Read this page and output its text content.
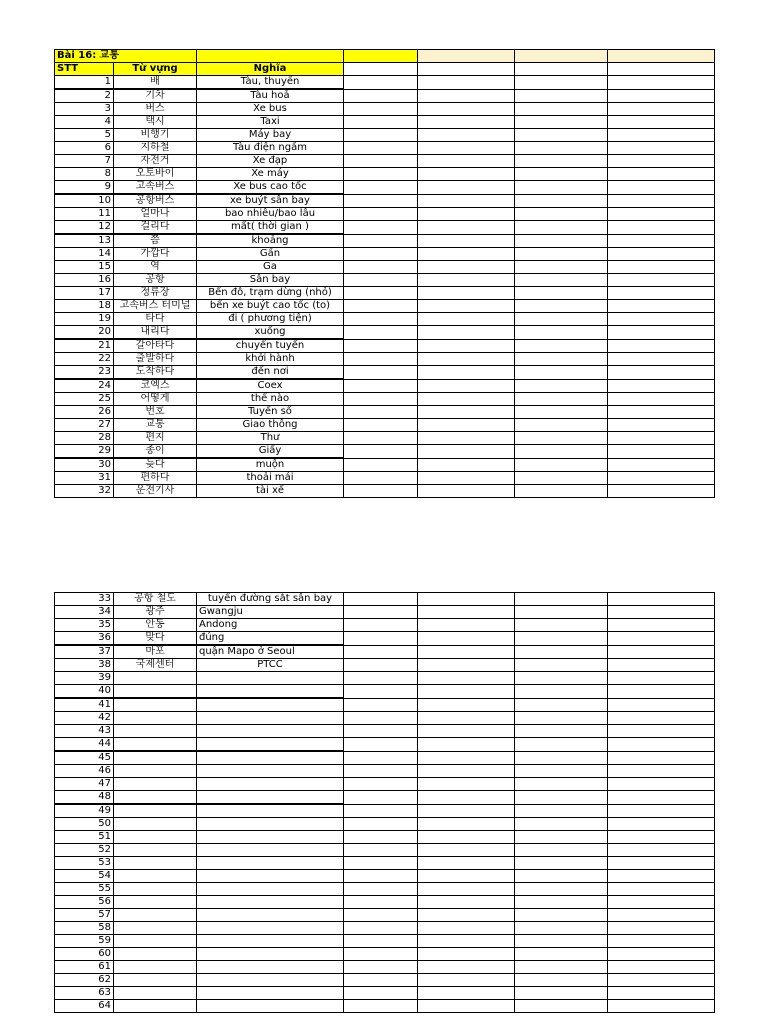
Bài 16: 교통						
STT	Từ vựng	Nghĩa				
1	배	Tàu, thuyền				
2	기차	Tàu hoả				
3	버스	Xe bus				
4	택시	Taxi				
5	비행기	Máy bay				
6	지하철	Tàu điện ngầm				
7	자전거	Xe đạp				
8	오토바이	Xe máy				
9	고속버스	Xe bus cao tốc				
10	공항버스	xe buýt sân bay				
11	얼마나	bao nhiêu/bao lâu				
12	걸리다	mất( thời gian )				
13	쯤	khoảng				
14	가깝다	Gần				
15	역	Ga				
16	공항	Sân bay				
17	정류장	Bến đỗ, trạm dừng (nhỏ)				
18	고속버스 터미널	bến xe buýt cao tốc (to)				
19	타다	đi ( phương tiện)				
20	내리다	xuống				
21	갈아타다	chuyển tuyến				
22	출발하다	khởi hành				
23	도착하다	đến nơi				
24	코엑스	Coex				
25	어떻게	thế nào				
26	번호	Tuyến số				
27	교통	Giao thông				
28	편지	Thư				
29	종이	Giấy				
30	늦다	muộn				
31	편하다	thoải mái				
32	운전기사	tài xế				
33	공항 철도	tuyến đường sắt sân bay				
34	광주	Gwangju				
35	안동	Andong				
36	맞다	đúng				
37	마포	quận Mapo ở Seoul				
38	국제센터	PTCC				
39						
40						
41						
42						
43						
44						
45						
46						
47						
48						
49						
50						
51						
52						
53						
54						
55						
56						
57						
58						
59						
60						
61						
62						
63						
64						
